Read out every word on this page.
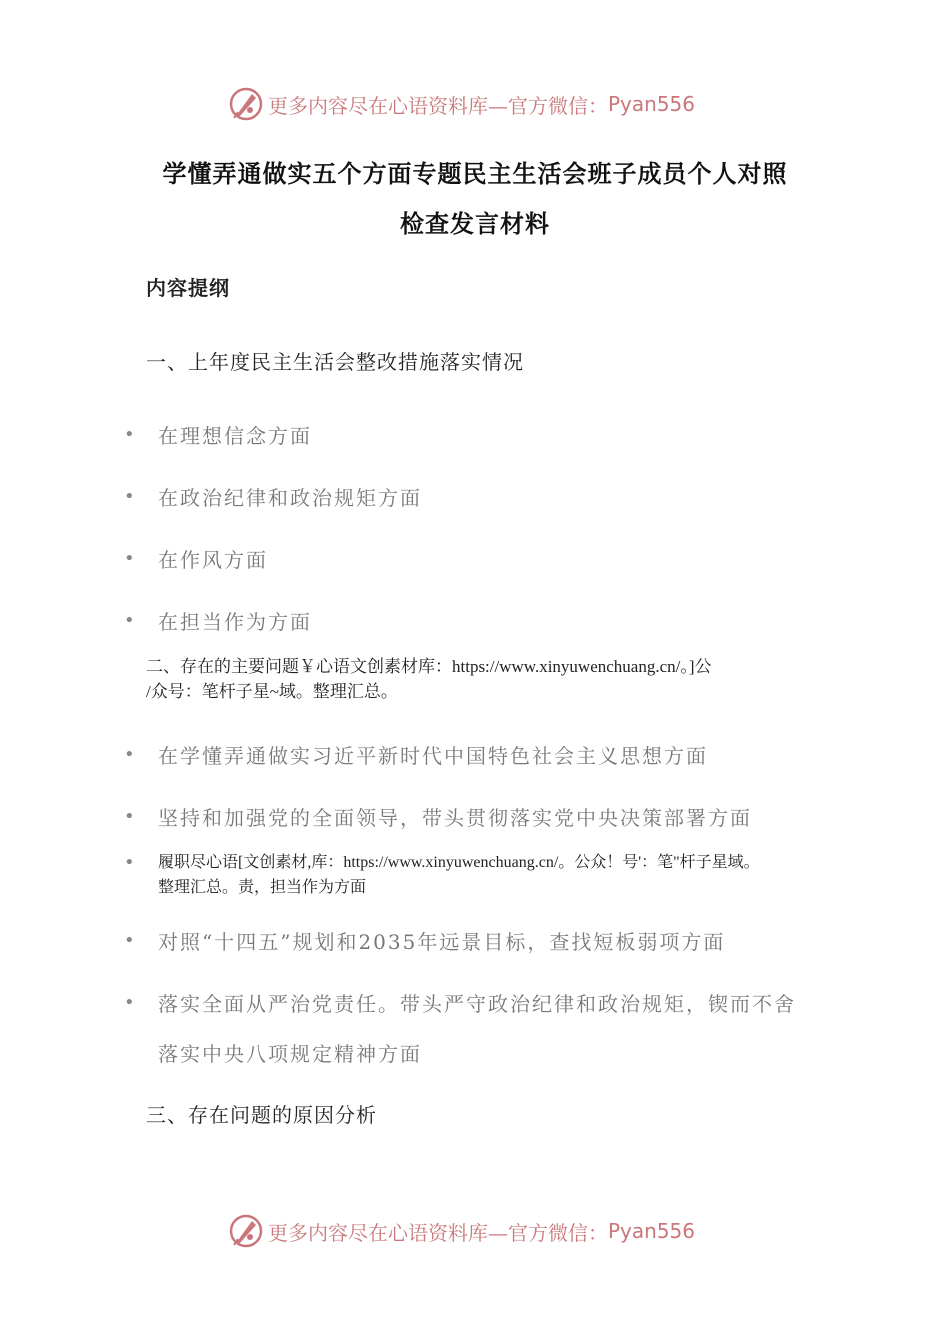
更多内容尽在心语资料库—官方微信： Pyan556
学懂弄通做实五个方面专题民主生活会班子成员个人对照
检查发言材料
内容提纲
一、上年度民主生活会整改措施落实情况
• 在理想信念方面
• 在政治纪律和政治规矩方面
• 在作风方面
• 在担当作为方面
二、存在的主要问题￥心语文创素材库：https://www.xinyuwenchuang.cn/。]公
/众号：笔杆子星~域。整理汇总。
• 在学懂弄通做实习近平新时代中国特色社会主义思想方面
• 坚持和加强党的全面领导，带头贯彻落实党中央决策部署方面
• 履职尽心语[文创素材,库：https://www.xinyuwenchuang.cn/。公众！号'：笔"杆子星域。
整理汇总。责，担当作为方面
• 对照“十四五”规划和2035年远景目标，查找短板弱项方面
• 落实全面从严治党责任。带头严守政治纪律和政治规矩，锲而不舍
落实中央八项规定精神方面
三、存在问题的原因分析
更多内容尽在心语资料库—官方微信： Pyan556
